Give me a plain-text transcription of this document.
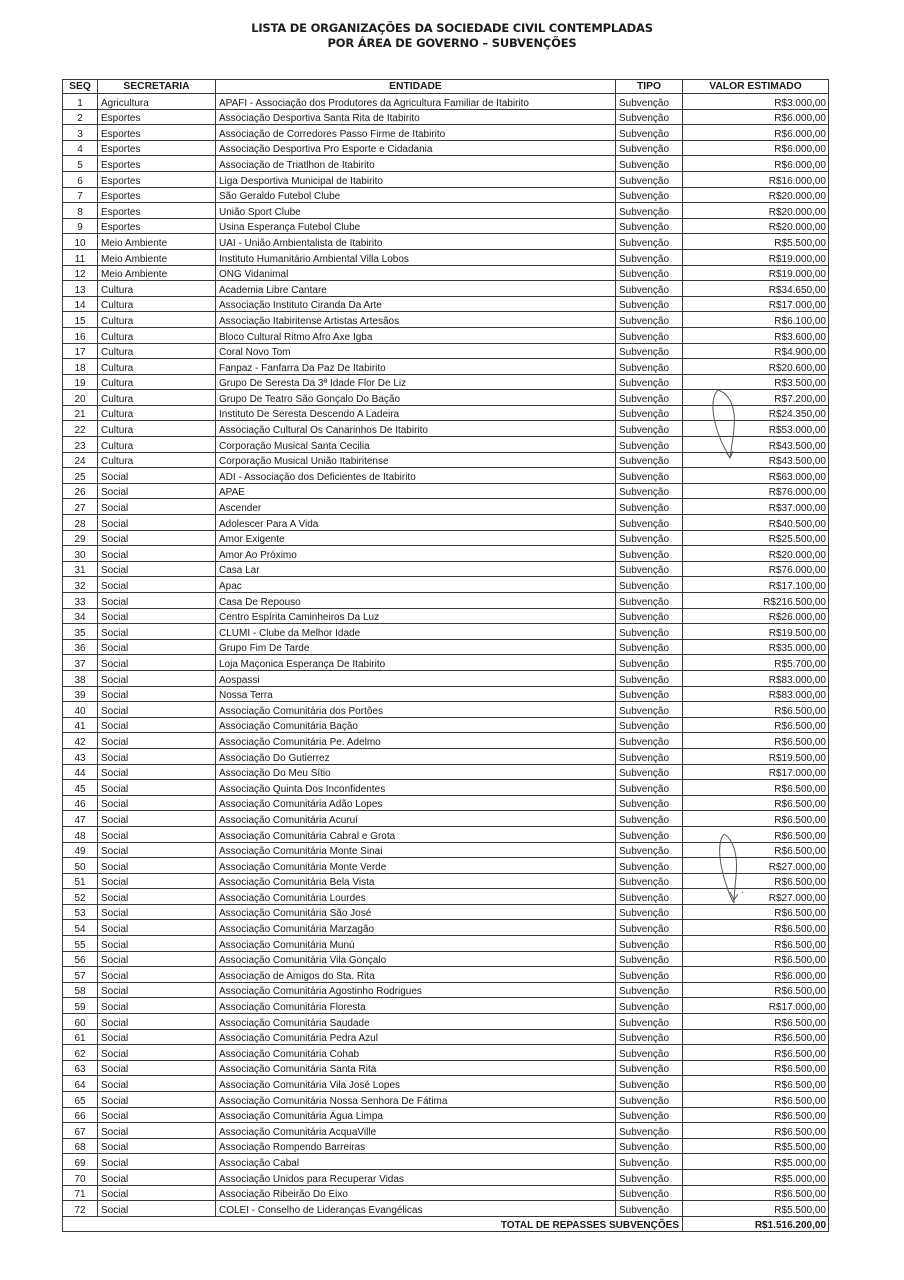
LISTA DE ORGANIZAÇÕES DA SOCIEDADE CIVIL CONTEMPLADAS
POR ÁREA DE GOVERNO – SUBVENÇÕES
SEQ	SECRETARIA	ENTIDADE	TIPO	VALOR ESTIMADO
1	Agricultura	APAFI - Associação dos Produtores da Agricultura Familiar de Itabirito	Subvenção	R$3.000,00
2	Esportes	Associação Desportiva Santa Rita de Itabirito	Subvenção	R$6.000,00
3	Esportes	Associação de Corredores Passo Firme de Itabirito	Subvenção	R$6.000,00
4	Esportes	Associação Desportiva Pro Esporte e Cidadania	Subvenção	R$6.000,00
5	Esportes	Associação de Triatlhon de Itabirito	Subvenção	R$6.000,00
6	Esportes	Liga Desportiva Municipal de Itabirito	Subvenção	R$16.000,00
7	Esportes	São Geraldo Futebol Clube	Subvenção	R$20.000,00
8	Esportes	União Sport Clube	Subvenção	R$20.000,00
9	Esportes	Usina Esperança Futebol Clube	Subvenção	R$20.000,00
10	Meio Ambiente	UAI - União Ambientalista de Itabirito	Subvenção	R$5.500,00
11	Meio Ambiente	Instituto Humanitário Ambiental Villa Lobos	Subvenção	R$19.000,00
12	Meio Ambiente	ONG Vidanimal	Subvenção	R$19.000,00
13	Cultura	Academia Libre Cantare	Subvenção	R$34.650,00
14	Cultura	Associação Instituto Ciranda Da Arte	Subvenção	R$17.000,00
15	Cultura	Associação Itabiritense Artistas Artesãos	Subvenção	R$6.100,00
16	Cultura	Bloco Cultural Ritmo Afro Axe Igba	Subvenção	R$3.600,00
17	Cultura	Coral Novo Tom	Subvenção	R$4.900,00
18	Cultura	Fanpaz - Fanfarra Da Paz De Itabirito	Subvenção	R$20.600,00
19	Cultura	Grupo De Seresta Da 3ª Idade Flor De Liz	Subvenção	R$3.500,00
20	Cultura	Grupo De Teatro São Gonçalo Do Bação	Subvenção	R$7.200,00
21	Cultura	Instituto De Seresta Descendo A Ladeira	Subvenção	R$24.350,00
22	Cultura	Associação Cultural Os Canarinhos De Itabirito	Subvenção	R$53.000,00
23	Cultura	Corporação Musical Santa Cecilia	Subvenção	R$43.500,00
24	Cultura	Corporação Musical União Itabiritense	Subvenção	R$43.500,00
25	Social	ADI - Associação dos Deficientes de Itabirito	Subvenção	R$63.000,00
26	Social	APAE	Subvenção	R$76.000,00
27	Social	Ascender	Subvenção	R$37.000,00
28	Social	Adolescer Para A Vida	Subvenção	R$40.500,00
29	Social	Amor Exigente	Subvenção	R$25.500,00
30	Social	Amor Ao Próximo	Subvenção	R$20.000,00
31	Social	Casa Lar	Subvenção	R$76.000,00
32	Social	Apac	Subvenção	R$17.100,00
33	Social	Casa De Repouso	Subvenção	R$216.500,00
34	Social	Centro Espírita Caminheiros Da Luz	Subvenção	R$26.000,00
35	Social	CLUMI - Clube da Melhor Idade	Subvenção	R$19.500,00
36	Social	Grupo Fim De Tarde	Subvenção	R$35.000,00
37	Social	Loja Maçonica Esperança De Itabirito	Subvenção	R$5.700,00
38	Social	Aospassi	Subvenção	R$83.000,00
39	Social	Nossa Terra	Subvenção	R$83.000,00
40	Social	Associação Comunitária dos Portões	Subvenção	R$6.500,00
41	Social	Associação Comunitária Bação	Subvenção	R$6.500,00
42	Social	Associação Comunitária Pe. Adelmo	Subvenção	R$6.500,00
43	Social	Associação Do Gutierrez	Subvenção	R$19.500,00
44	Social	Associação Do Meu Sítio	Subvenção	R$17.000,00
45	Social	Associação Quinta Dos Inconfidentes	Subvenção	R$6.500,00
46	Social	Associação Comunitária Adão Lopes	Subvenção	R$6.500,00
47	Social	Associação Comunitária Acuruí	Subvenção	R$6.500,00
48	Social	Associação Comunitária Cabral e Grota	Subvenção	R$6.500,00
49	Social	Associação Comunitária Monte Sinai	Subvenção	R$6.500,00
50	Social	Associação Comunitária Monte Verde	Subvenção	R$27.000,00
51	Social	Associação Comunitária Bela Vista	Subvenção	R$6.500,00
52	Social	Associação Comunitária Lourdes	Subvenção	R$27.000,00
53	Social	Associação Comunitária São José	Subvenção	R$6.500,00
54	Social	Associação Comunitária Marzagão	Subvenção	R$6.500,00
55	Social	Associação Comunitária Munú	Subvenção	R$6.500,00
56	Social	Associação Comunitária Vila Gonçalo	Subvenção	R$6.500,00
57	Social	Associação de Amigos do Sta. Rita	Subvenção	R$6.000,00
58	Social	Associação Comunitária Agostinho Rodrigues	Subvenção	R$6.500,00
59	Social	Associação Comunitária Floresta	Subvenção	R$17.000,00
60	Social	Associação Comunitária Saudade	Subvenção	R$6.500,00
61	Social	Associação Comunitária Pedra Azul	Subvenção	R$6.500,00
62	Social	Associação Comunitária Cohab	Subvenção	R$6.500,00
63	Social	Associação Comunitária Santa Rita	Subvenção	R$6.500,00
64	Social	Associação Comunitária Vila José Lopes	Subvenção	R$6.500,00
65	Social	Associação Comunitária Nossa Senhora De Fátima	Subvenção	R$6.500,00
66	Social	Associação Comunitária Água Limpa	Subvenção	R$6.500,00
67	Social	Associação Comunitária AcquaVille	Subvenção	R$6.500,00
68	Social	Associação Rompendo Barreiras	Subvenção	R$5.500,00
69	Social	Associação Cabal	Subvenção	R$5.000,00
70	Social	Associação Unidos para Recuperar Vidas	Subvenção	R$5.000,00
71	Social	Associação Ribeirão Do Eixo	Subvenção	R$6.500,00
72	Social	COLEI - Conselho de Lideranças Evangélicas	Subvenção	R$5.500,00
TOTAL DE REPASSES SUBVENÇÕES				R$1.516.200,00
